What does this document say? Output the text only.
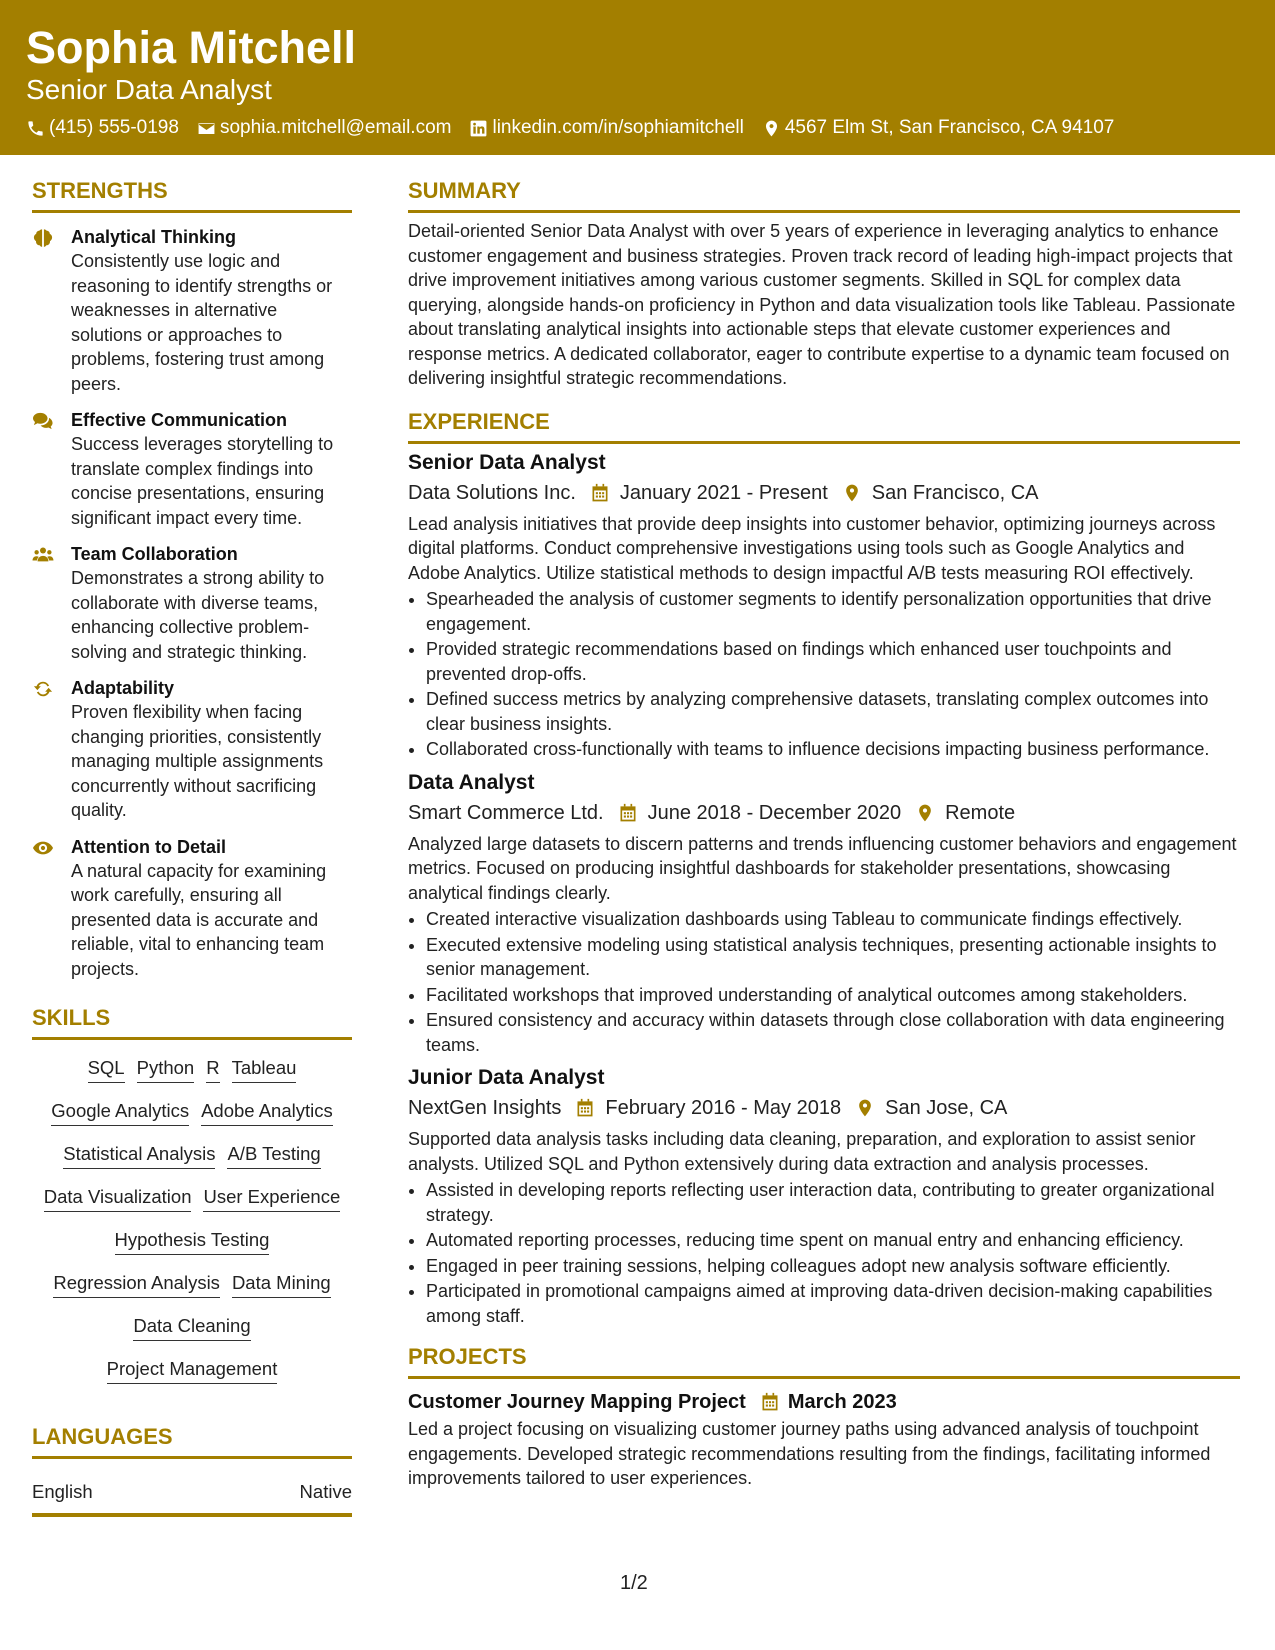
Sophia Mitchell
Senior Data Analyst
(415) 555-0198 sophia.mitchell@email.com linkedin.com/in/sophiamitchell 4567 Elm St, San Francisco, CA 94107
STRENGTHS
Analytical Thinking
Consistently use logic and reasoning to identify strengths or weaknesses in alternative solutions or approaches to problems, fostering trust among peers.
Effective Communication
Success leverages storytelling to translate complex findings into concise presentations, ensuring significant impact every time.
Team Collaboration
Demonstrates a strong ability to collaborate with diverse teams, enhancing collective problem-solving and strategic thinking.
Adaptability
Proven flexibility when facing changing priorities, consistently managing multiple assignments concurrently without sacrificing quality.
Attention to Detail
A natural capacity for examining work carefully, ensuring all presented data is accurate and reliable, vital to enhancing team projects.
SKILLS
SQL Python R Tableau
Google Analytics Adobe Analytics
Statistical Analysis A/B Testing
Data Visualization User Experience
Hypothesis Testing
Regression Analysis Data Mining
Data Cleaning
Project Management
LANGUAGES
English	Native
SUMMARY
Detail-oriented Senior Data Analyst with over 5 years of experience in leveraging analytics to enhance customer engagement and business strategies. Proven track record of leading high-impact projects that drive improvement initiatives among various customer segments. Skilled in SQL for complex data querying, alongside hands-on proficiency in Python and data visualization tools like Tableau. Passionate about translating analytical insights into actionable steps that elevate customer experiences and response metrics. A dedicated collaborator, eager to contribute expertise to a dynamic team focused on delivering insightful strategic recommendations.
EXPERIENCE
Senior Data Analyst
Data Solutions Inc. January 2021 - Present San Francisco, CA
Lead analysis initiatives that provide deep insights into customer behavior, optimizing journeys across digital platforms. Conduct comprehensive investigations using tools such as Google Analytics and Adobe Analytics. Utilize statistical methods to design impactful A/B tests measuring ROI effectively.
• Spearheaded the analysis of customer segments to identify personalization opportunities that drive engagement.
• Provided strategic recommendations based on findings which enhanced user touchpoints and prevented drop-offs.
• Defined success metrics by analyzing comprehensive datasets, translating complex outcomes into clear business insights.
• Collaborated cross-functionally with teams to influence decisions impacting business performance.
Data Analyst
Smart Commerce Ltd. June 2018 - December 2020 Remote
Analyzed large datasets to discern patterns and trends influencing customer behaviors and engagement metrics. Focused on producing insightful dashboards for stakeholder presentations, showcasing analytical findings clearly.
• Created interactive visualization dashboards using Tableau to communicate findings effectively.
• Executed extensive modeling using statistical analysis techniques, presenting actionable insights to senior management.
• Facilitated workshops that improved understanding of analytical outcomes among stakeholders.
• Ensured consistency and accuracy within datasets through close collaboration with data engineering teams.
Junior Data Analyst
NextGen Insights February 2016 - May 2018 San Jose, CA
Supported data analysis tasks including data cleaning, preparation, and exploration to assist senior analysts. Utilized SQL and Python extensively during data extraction and analysis processes.
• Assisted in developing reports reflecting user interaction data, contributing to greater organizational strategy.
• Automated reporting processes, reducing time spent on manual entry and enhancing efficiency.
• Engaged in peer training sessions, helping colleagues adopt new analysis software efficiently.
• Participated in promotional campaigns aimed at improving data-driven decision-making capabilities among staff.
PROJECTS
Customer Journey Mapping Project March 2023
Led a project focusing on visualizing customer journey paths using advanced analysis of touchpoint engagements. Developed strategic recommendations resulting from the findings, facilitating informed improvements tailored to user experiences.
1/2
